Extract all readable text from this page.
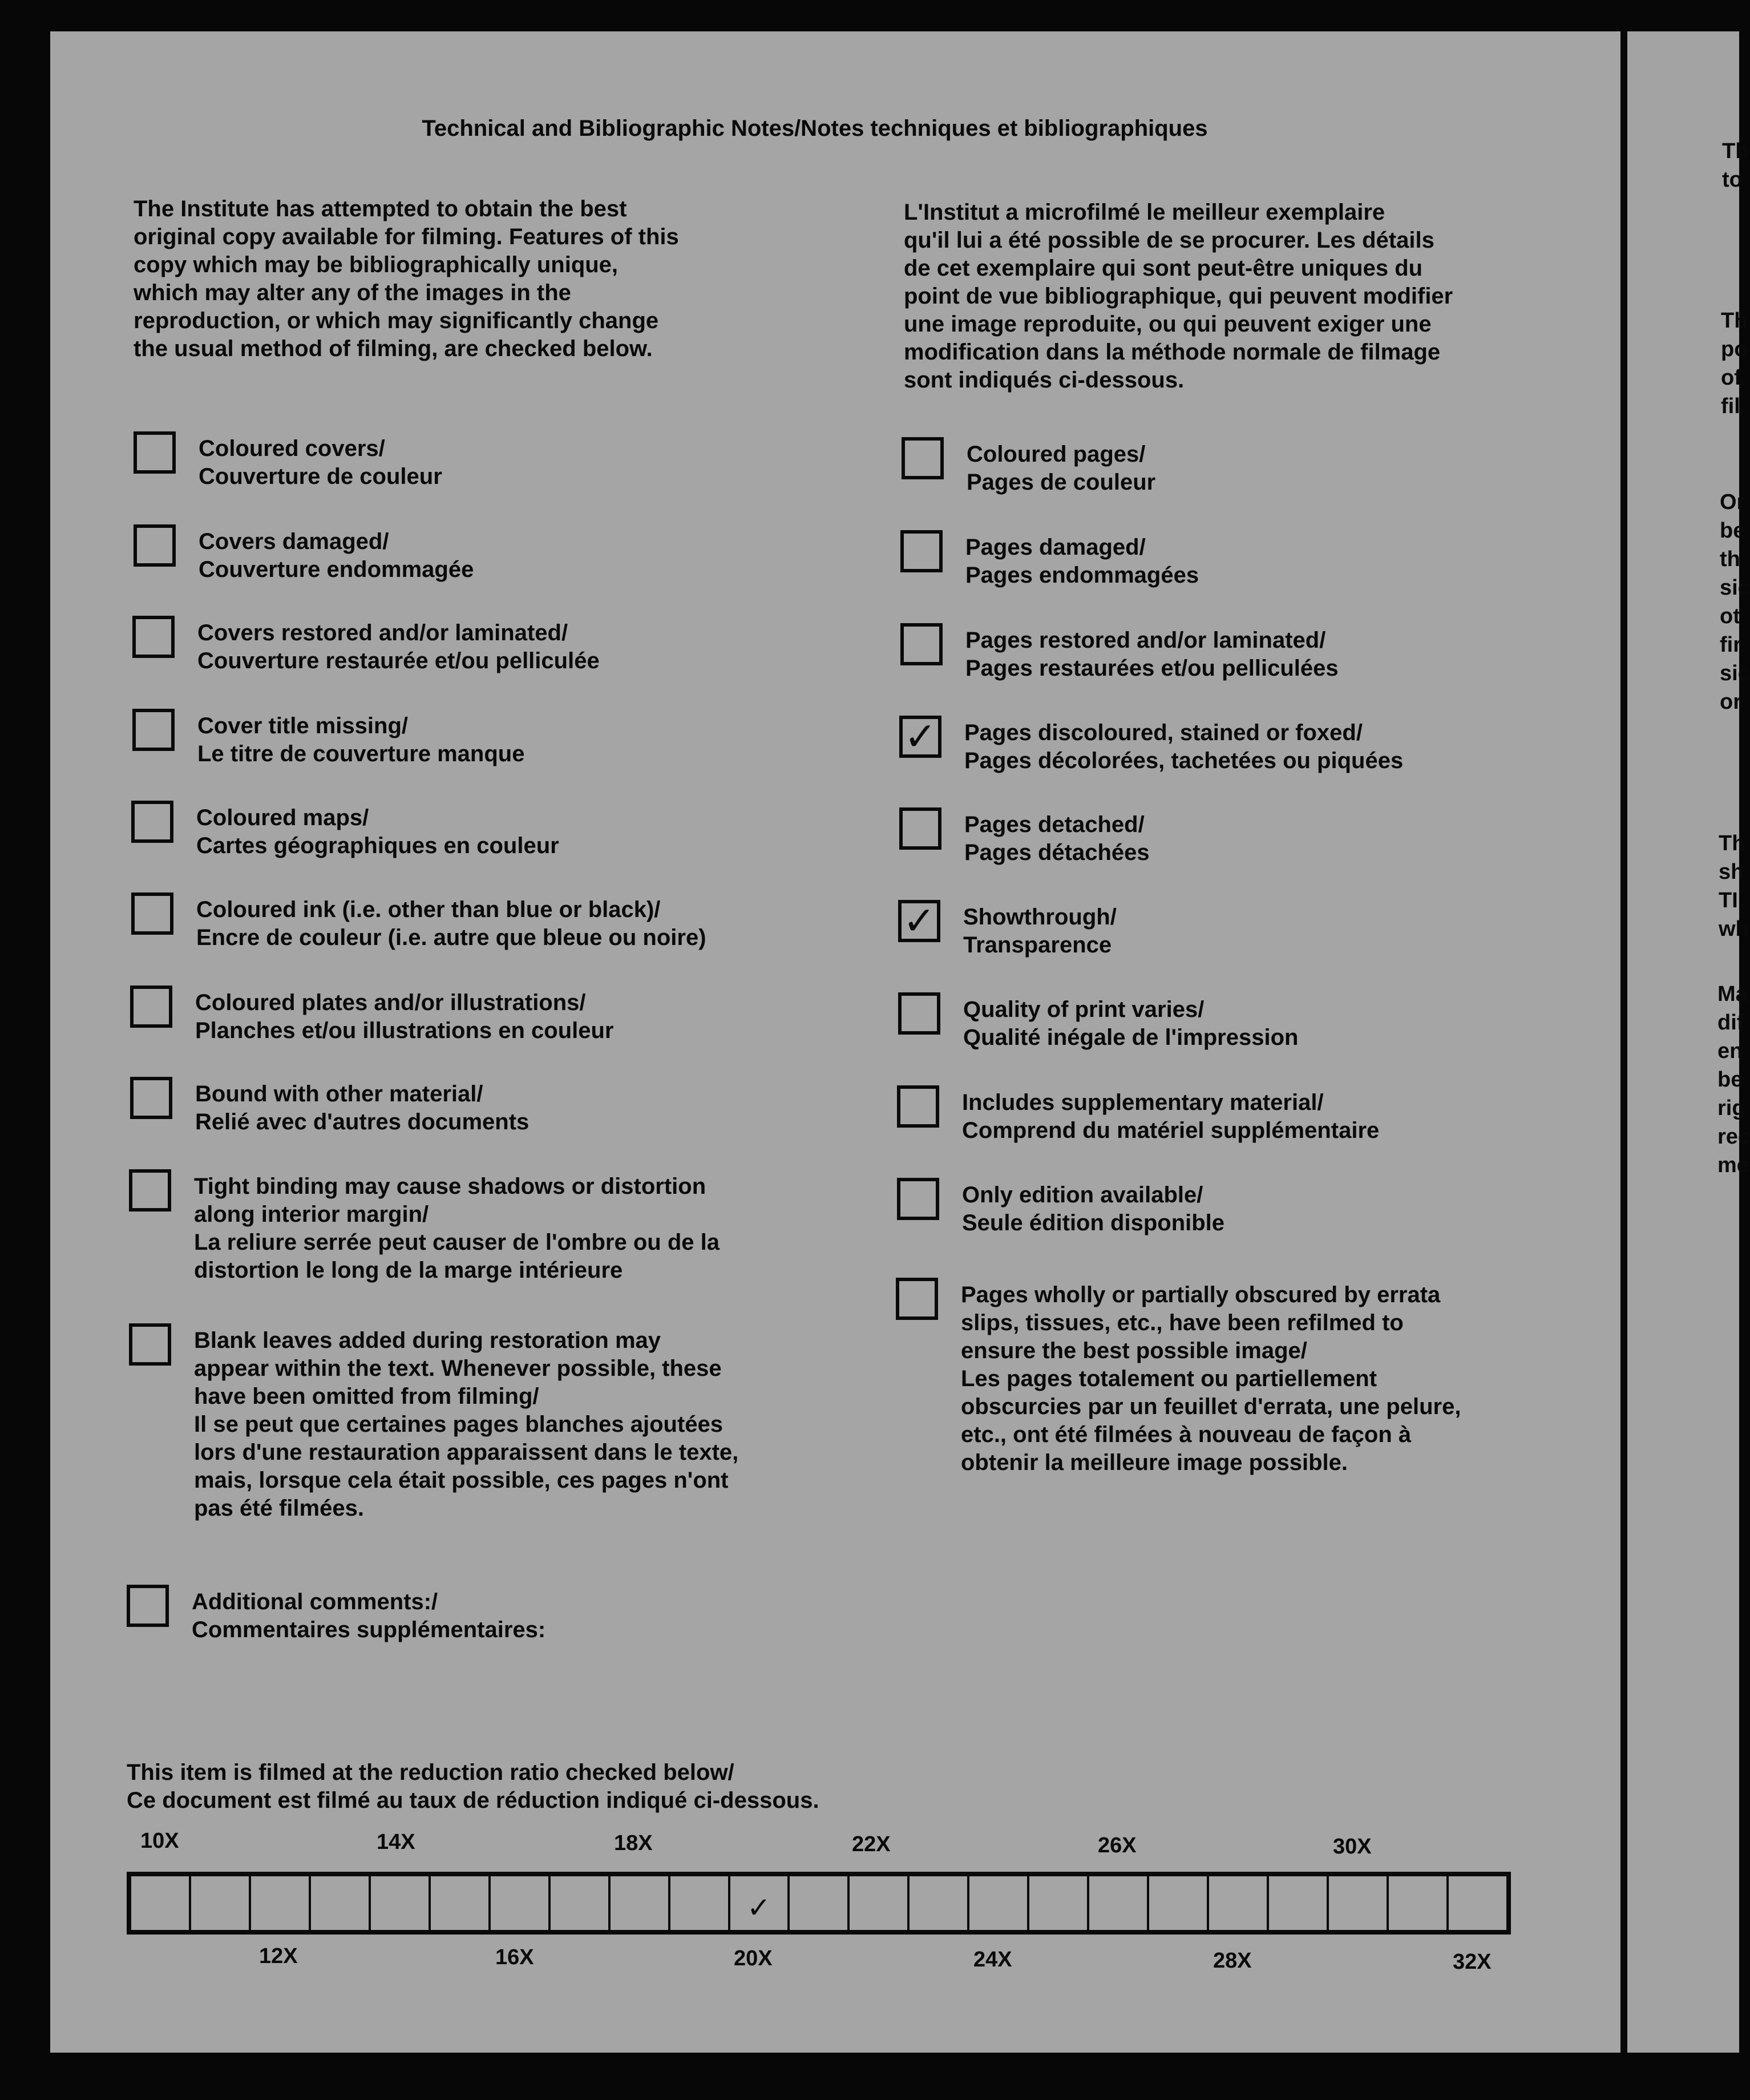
Technical and Bibliographic Notes/Notes techniques et bibliographiques
The Institute has attempted to obtain the best
original copy available for filming. Features of this
copy which may be bibliographically unique,
which may alter any of the images in the
reproduction, or which may significantly change
the usual method of filming, are checked below.
L'Institut a microfilmé le meilleur exemplaire
qu'il lui a été possible de se procurer. Les détails
de cet exemplaire qui sont peut-être uniques du
point de vue bibliographique, qui peuvent modifier
une image reproduite, ou qui peuvent exiger une
modification dans la méthode normale de filmage
sont indiqués ci-dessous.
Coloured covers/
Couverture de couleur
Covers damaged/
Couverture endommagée
Covers restored and/or laminated/
Couverture restaurée et/ou pelliculée
Cover title missing/
Le titre de couverture manque
Coloured maps/
Cartes géographiques en couleur
Coloured ink (i.e. other than blue or black)/
Encre de couleur (i.e. autre que bleue ou noire)
Coloured plates and/or illustrations/
Planches et/ou illustrations en couleur
Bound with other material/
Relié avec d'autres documents
Tight binding may cause shadows or distortion
along interior margin/
La reliure serrée peut causer de l'ombre ou de la
distortion le long de la marge intérieure
Blank leaves added during restoration may
appear within the text. Whenever possible, these
have been omitted from filming/
Il se peut que certaines pages blanches ajoutées
lors d'une restauration apparaissent dans le texte,
mais, lorsque cela était possible, ces pages n'ont
pas été filmées.
Additional comments:/
Commentaires supplémentaires:
Coloured pages/
Pages de couleur
Pages damaged/
Pages endommagées
Pages restored and/or laminated/
Pages restaurées et/ou pelliculées
✓ Pages discoloured, stained or foxed/
Pages décolorées, tachetées ou piquées
Pages detached/
Pages détachées
✓ Showthrough/
Transparence
Quality of print varies/
Qualité inégale de l'impression
Includes supplementary material/
Comprend du matériel supplémentaire
Only edition available/
Seule édition disponible
Pages wholly or partially obscured by errata
slips, tissues, etc., have been refilmed to
ensure the best possible image/
Les pages totalement ou partiellement
obscurcies par un feuillet d'errata, une pelure,
etc., ont été filmées à nouveau de façon à
obtenir la meilleure image possible.
This item is filmed at the reduction ratio checked below/
Ce document est filmé au taux de réduction indiqué ci-dessous.
10X	14X	18X	22X	26X	30X
✓
12X	16X	20X	24X	28X	32X
Th
to
Th
po
of
fil
Or
be
th
sic
ot
fir
sic
or
Th
sh
TI
wh
Ma
dif
en
be
rig
rec
me
